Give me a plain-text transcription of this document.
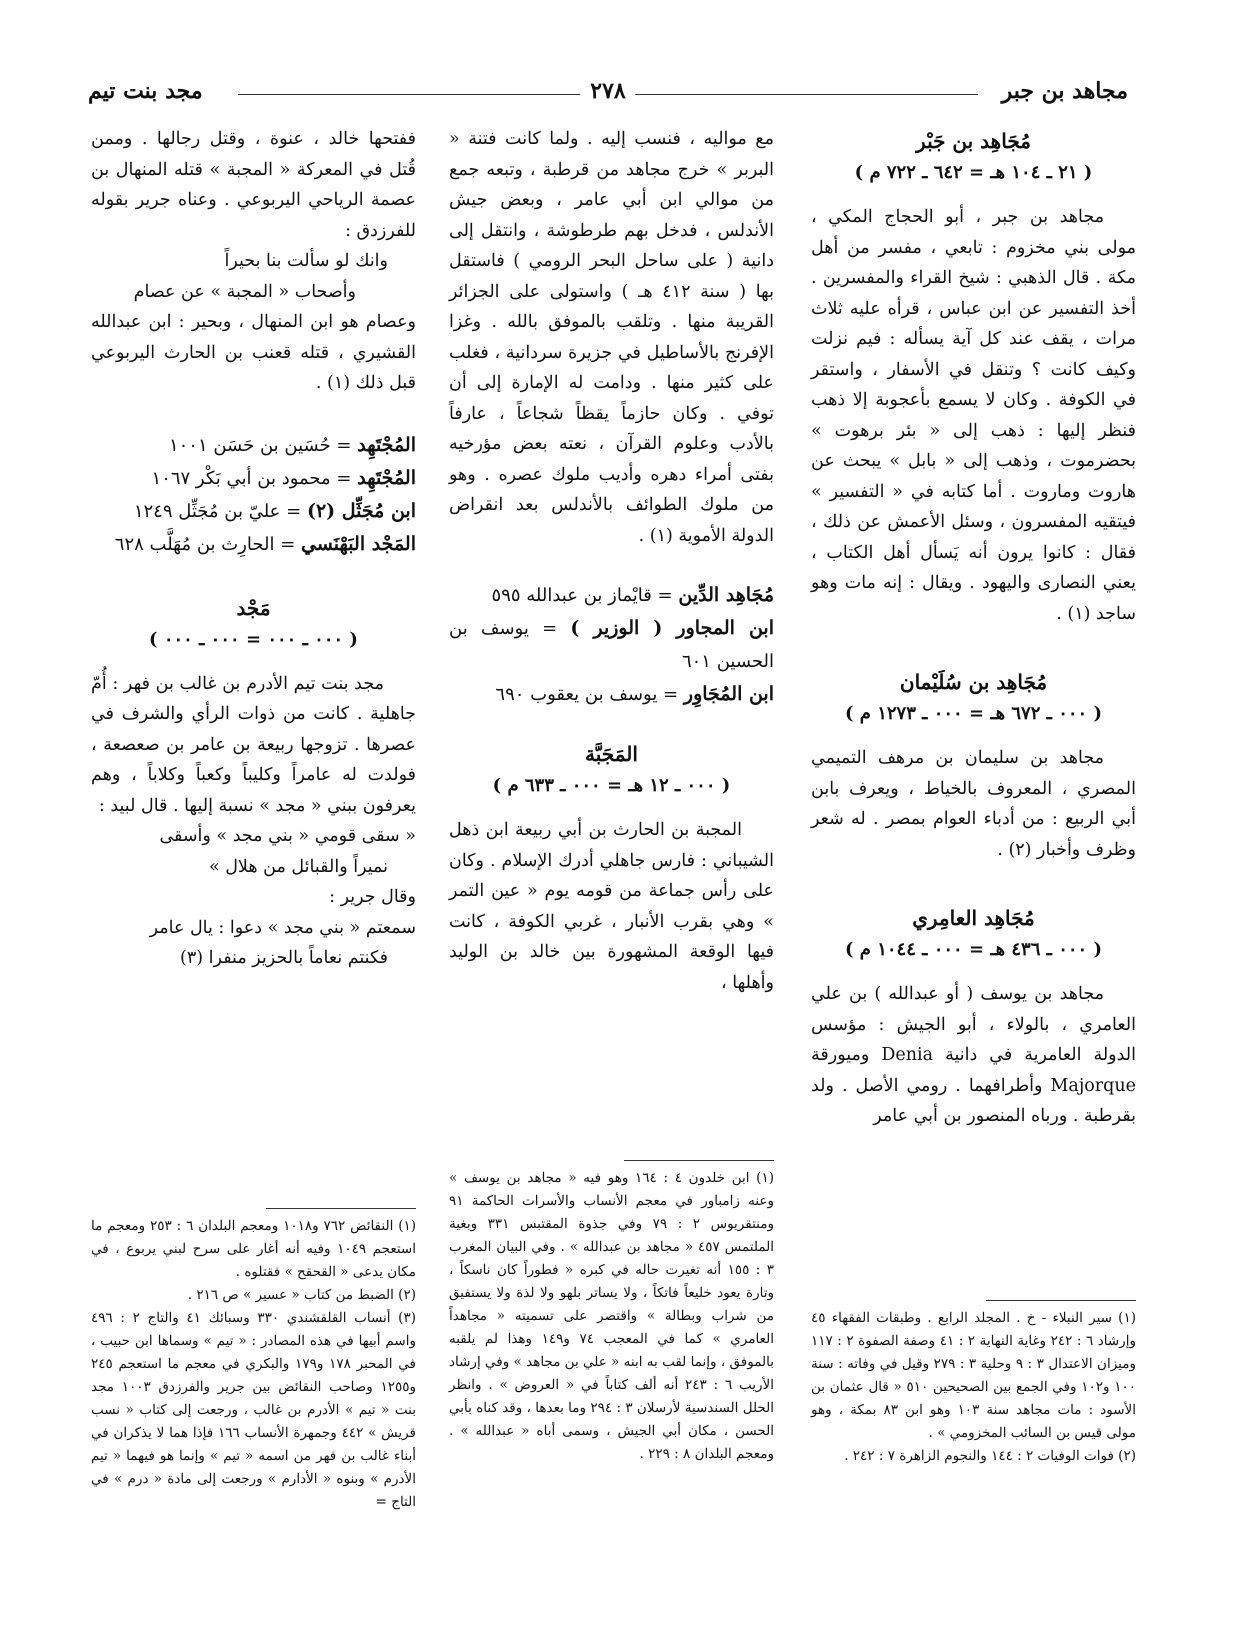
مجاهد بن جبر
٢٧٨
مجد بنت تيم

مُجَاهِد بن جَبْر

( ٢١ ـ ١٠٤ هـ = ٦٤٢ ـ ٧٢٢ م )

مجاهد بن جبر ، أبو الحجاج المكي ، مولى بني مخزوم : تابعي ، مفسر من أهل مكة . قال الذهبي : شيخ القراء والمفسرين . أخذ التفسير عن ابن عباس ، قرأه عليه ثلاث مرات ، يقف عند كل آية يسأله : فيم نزلت وكيف كانت ؟ وتنقل في الأسفار ، واستقر في الكوفة . وكان لا يسمع بأعجوبة إلا ذهب فنظر إليها : ذهب إلى « بئر برهوت » بحضرموت ، وذهب إلى « بابل » يبحث عن هاروت وماروت . أما كتابه في « التفسير » فيتقيه المفسرون ، وسئل الأعمش عن ذلك ، فقال : كانوا يرون أنه يَسأل أهل الكتاب ، يعني النصارى واليهود . ويقال : إنه مات وهو ساجد (١) .

مُجَاهِد بن سُلَيْمان

( ٠٠٠ ـ ٦٧٢ هـ = ٠٠٠ ـ ١٢٧٣ م )

مجاهد بن سليمان بن مرهف التميمي المصري ، المعروف بالخياط ، ويعرف بابن أبي الربيع : من أدباء العوام بمصر . له شعر وظرف وأخبار (٢) .

مُجَاهِد العامِري

( ٠٠٠ ـ ٤٣٦ هـ = ٠٠٠ ـ ١٠٤٤ م )

مجاهد بن يوسف ( أو عبدالله ) بن علي العامري ، بالولاء ، أبو الجيش : مؤسس الدولة العامرية في دانية Denia وميورقة Majorque وأطرافهما . رومي الأصل . ولد بقرطبة . ورباه المنصور بن أبي عامر

مع مواليه ، فنسب إليه . ولما كانت فتنة « البربر » خرج مجاهد من قرطبة ، وتبعه جمع من موالي ابن أبي عامر ، وبعض جيش الأندلس ، فدخل بهم طرطوشة ، وانتقل إلى دانية ( على ساحل البحر الرومي ) فاستقل بها ( سنة ٤١٢ هـ ) واستولى على الجزائر القريبة منها . وتلقب بالموفق بالله . وغزا الإفرنج بالأساطيل في جزيرة سردانية ، فغلب على كثير منها . ودامت له الإمارة إلى أن توفي . وكان حازماً يقظاً شجاعاً ، عارفاً بالأدب وعلوم القرآن ، نعته بعض مؤرخيه بفتى أمراء دهره وأديب ملوك عصره . وهو من ملوك الطوائف بالأندلس بعد انقراض الدولة الأموية (١) .

مُجَاهِد الدِّين = قايْماز بن عبدالله ٥٩٥

ابن المجاور ( الوزير ) = يوسف بن الحسين ٦٠١

ابن المُجَاوِر = يوسف بن يعقوب ٦٩٠

المَجَبَّة

( ٠٠٠ ـ ١٢ هـ = ٠٠٠ ـ ٦٣٣ م )

المجبة بن الحارث بن أبي ربيعة ابن ذهل الشيباني : فارس جاهلي أدرك الإسلام . وكان على رأس جماعة من قومه يوم « عين التمر » وهي بقرب الأنبار ، غربي الكوفة ، كانت فيها الوقعة المشهورة بين خالد بن الوليد وأهلها ،

ففتحها خالد ، عنوة ، وقتل رجالها . وممن قُتل في المعركة « المجبة » قتله المنهال بن عصمة الرياحي اليربوعي . وعناه جرير بقوله للفرزدق :

وانك لو سألت بنا بحيراً

وأصحاب « المجبة » عن عصام

وعصام هو ابن المنهال ، وبحير : ابن عبدالله القشيري ، قتله قعنب بن الحارث اليربوعي قبل ذلك (١) .

المُجْتَهِد = حُسَين بن حَسَن ١٠٠١

المُجْتَهِد = محمود بن أبي بَكْر ١٠٦٧

ابن مُجَثِّل (٢) = عليّ بن مُجَثِّل ١٢٤٩

المَجْد البَهْنَسي = الحارِث بن مُهَلَّب ٦٢٨

مَجْد

( ٠٠٠ ـ ٠٠٠ = ٠٠٠ ـ ٠٠٠ )

مجد بنت تيم الأدرم بن غالب بن فهر : أُمّ جاهلية . كانت من ذوات الرأي والشرف في عصرها . تزوجها ربيعة بن عامر بن صعصعة ، فولدت له عامراً وكليباً وكعباً وكلاباً ، وهم يعرفون ببني « مجد » نسبة إليها . قال لبيد :

« سقى قومي « بني مجد » وأسقى

نميراً والقبائل من هلال »

وقال جرير :

سمعتم « بني مجد » دعوا : يال عامر

فكنتم نعاماً بالحزيز منفرا (٣)

(١) سير النبلاء - خ . المجلد الرابع . وطبقات الفقهاء ٤٥ وإرشاد ٦ : ٢٤٢ وغاية النهاية ٢ : ٤١ وصفة الصفوة ٢ : ١١٧ وميزان الاعتدال ٣ : ٩ وحلية ٣ : ٢٧٩ وقيل في وفاته : سنة ١٠٠ و١٠٢ وفي الجمع بين الصحيحين ٥١٠ « قال عثمان بن الأسود : مات مجاهد سنة ١٠٣ وهو ابن ٨٣ بمكة ، وهو مولى قيس بن السائب المخزومي » .

(٢) فوات الوفيات ٢ : ١٤٤ والنجوم الزاهرة ٧ : ٢٤٢ .

(١) ابن خلدون ٤ : ١٦٤ وهو فيه « مجاهد بن يوسف » وعنه زامباور في معجم الأنساب والأسرات الحاكمة ٩١ ومنتقريوس ٢ : ٧٩ وفي جذوة المقتبس ٣٣١ وبغية الملتمس ٤٥٧ « مجاهد بن عبدالله » . وفي البيان المغرب ٣ : ١٥٥ أنه تغيرت حاله في كبره « فطوراً كان ناسكاً ، وتارة يعود خليعاً فاتكاً ، ولا يساتر بلهو ولا لذة ولا يستفيق من شراب وبطالة » واقتصر على تسميته « مجاهداً العامري » كما في المعجب ٧٤ و١٤٩ وهذا لم يلقبه بالموفق ، وإنما لقب به ابنه « علي بن مجاهد » وفي إرشاد الأريب ٦ : ٢٤٣ أنه ألف كتاباً في « العروض » . وانظر الحلل السندسية لأرسلان ٣ : ٢٩٤ وما بعدها ، وقد كناه بأبي الحسن ، مكان أبي الجيش ، وسمى أباه « عبدالله » . ومعجم البلدان ٨ : ٢٢٩ .

(١) النقائض ٧٦٢ و١٠١٨ ومعجم البلدان ٦ : ٢٥٣ ومعجم ما استعجم ١٠٤٩ وفيه أنه أغار على سرح لبني يربوع ، في مكان يدعى « القحقح » فقتلوه .

(٢) الضبط من كتاب « عسير » ص ٢١٦ .

(٣) أنساب القلقشندي ٣٣٠ وسبائك ٤١ والتاج ٢ : ٤٩٦ واسم أبيها في هذه المصادر : « تيم » وسماها ابن حبيب ، في المحبر ١٧٨ و١٧٩ والبكري في معجم ما استعجم ٢٤٥ و١٢٥٥ وصاحب النقائض بين جرير والفرزدق ١٠٠٣ مجد بنت « تيم » الأدرم بن غالب ، ورجعت إلى كتاب « نسب قريش » ٤٤٢ وجمهرة الأنساب ١٦٦ فإذا هما لا يذكران في أبناء غالب بن فهر من اسمه « تيم » وإنما هو فيهما « تيم الأدرم » وبنوه « الأدارم » ورجعت إلى مادة « درم » في التاج =
